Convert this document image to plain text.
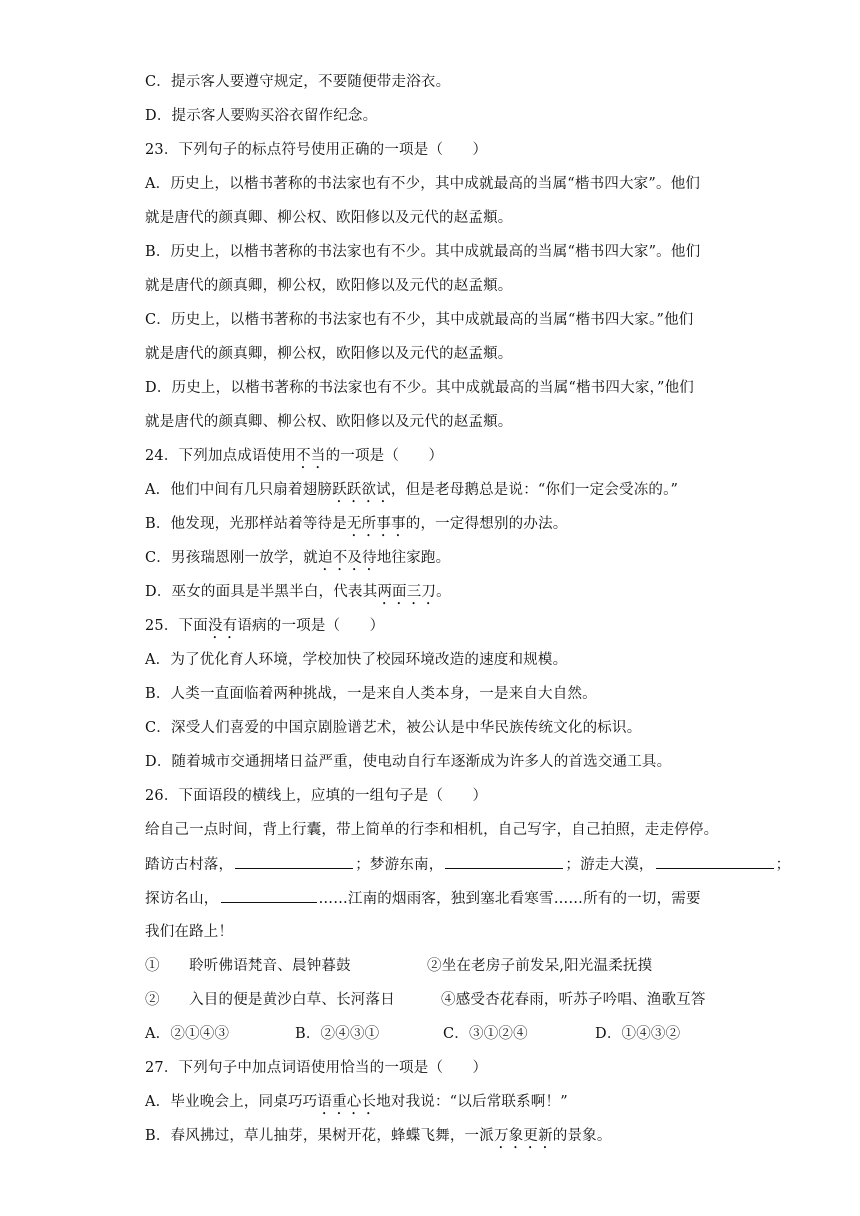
C．提示客人要遵守规定，不要随便带走浴衣。
D．提示客人要购买浴衣留作纪念。
23．下列句子的标点符号使用正确的一项是（　　）
A．历史上，以楷书著称的书法家也有不少，其中成就最高的当属“楷书四大家”。他们
就是唐代的颜真卿、柳公权、欧阳修以及元代的赵孟頫。
B．历史上，以楷书著称的书法家也有不少。其中成就最高的当属“楷书四大家”。他们
就是唐代的颜真卿，柳公权，欧阳修以及元代的赵孟頫。
C．历史上，以楷书著称的书法家也有不少，其中成就最高的当属“楷书四大家。”他们
就是唐代的颜真卿，柳公权，欧阳修以及元代的赵孟頫。
D．历史上，以楷书著称的书法家也有不少。其中成就最高的当属“楷书四大家，”他们
就是唐代的颜真卿、柳公权、欧阳修以及元代的赵孟頫。
24．下列加点成语使用不当的一项是（　　）
A．他们中间有几只扇着翅膀跃跃欲试，但是老母鹅总是说：“你们一定会受冻的。”
B．他发现，光那样站着等待是无所事事的，一定得想别的办法。
C．男孩瑞恩刚一放学，就迫不及待地往家跑。
D．巫女的面具是半黑半白，代表其两面三刀。
25．下面没有语病的一项是（　　）
A．为了优化育人环境，学校加快了校园环境改造的速度和规模。
B．人类一直面临着两种挑战，一是来自人类本身，一是来自大自然。
C．深受人们喜爱的中国京剧脸谱艺术，被公认是中华民族传统文化的标识。
D．随着城市交通拥堵日益严重，使电动自行车逐渐成为许多人的首选交通工具。
26．下面语段的横线上，应填的一组句子是（　　）
给自己一点时间，背上行囊，带上简单的行李和相机，自己写字，自己拍照，走走停停。
踏访古村落，	；梦游东南，	；游走大漠，	；
探访名山，	……江南的烟雨客，独到塞北看寒雪……所有的一切，需要
我们在路上！
①　　聆听佛语梵音、晨钟暮鼓	②坐在老房子前发呆,阳光温柔抚摸
②　　入目的便是黄沙白草、长河落日	④感受杏花春雨，听苏子吟唱、渔歌互答
A．②①④③	B．②④③①	C．③①②④	D．①④③②
27．下列句子中加点词语使用恰当的一项是（　　）
A．毕业晚会上，同桌巧巧语重心长地对我说：“以后常联系啊！”
B．春风拂过，草儿抽芽，果树开花，蜂蝶飞舞，一派万象更新的景象。
